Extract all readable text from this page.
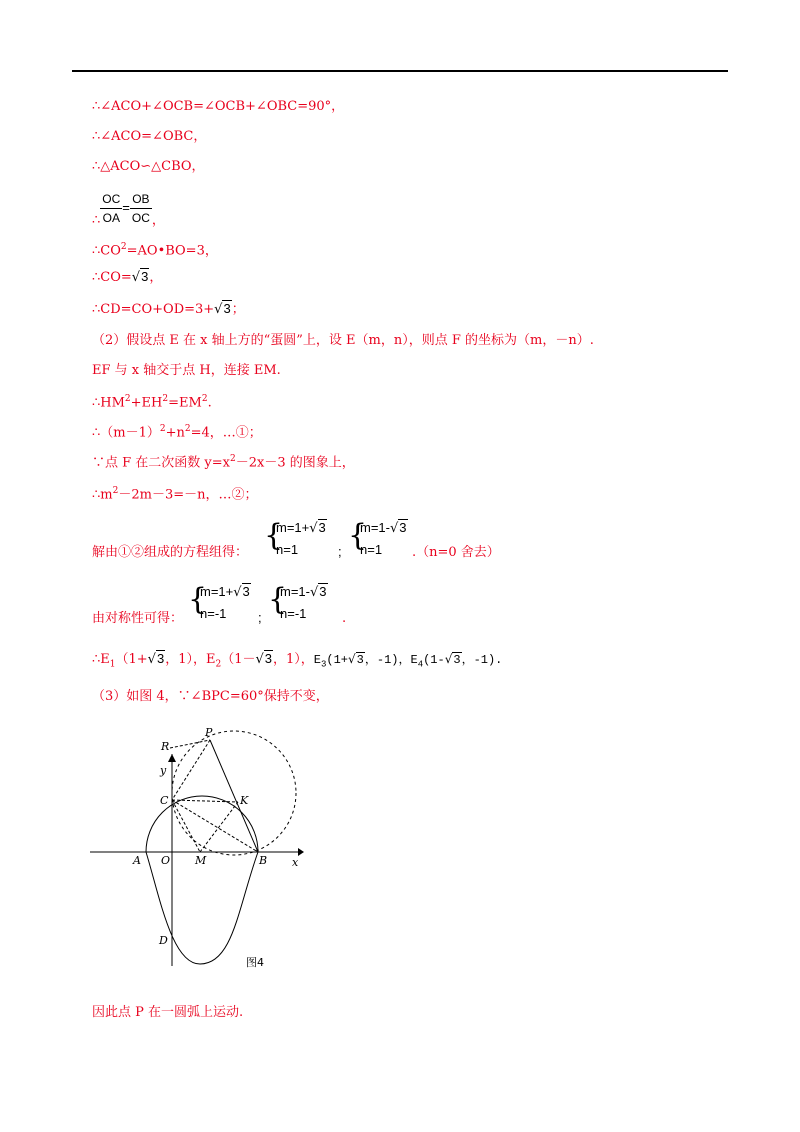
∴∠ACO+∠OCB=∠OCB+∠OBC=90°，
∴∠ACO=∠OBC，
∴△ACO∽△CBO，
∴ $\frac{OC}{OA} = \frac{OB}{OC}$ ，
$\therefore CO^2=AO•BO=3$，
∴CO=√3，
∴CD=CO+OD=3+√3；
（2）假设点 E 在 x 轴上方的“蛋圆”上，设 E（m，n），则点 F 的坐标为（m，－n）.
EF 与 x 轴交于点 H，连接 EM.
$\therefore HM^2+EH^2=EM^2$.
$\therefore(m-1)^2+n^2=4$，…①；
∵点 F 在二次函数 $y=x^2-2x-3$ 的图象上，
$\therefore m^2-2m-3=-n$，…②；
解由①②组成的方程组得： {
m=1+√3
n=1	; {
m=1-√3
n=1 .（n=0 舍去）
由对称性可得：
{
m=1+√3
n=-1 ;
{
m=1-√3
n=-1	.
$\therefore E_1(1+√3$，1），$E_2(1-√3$，1），$E_3(1+√3$，-1)，$E_4(1-√3$，-1).
（3）如图 4，∵∠BPC=60°保持不变，
R
P
y
C	K
A O M	B x
D
图4
因此点 P 在一圆弧上运动.
